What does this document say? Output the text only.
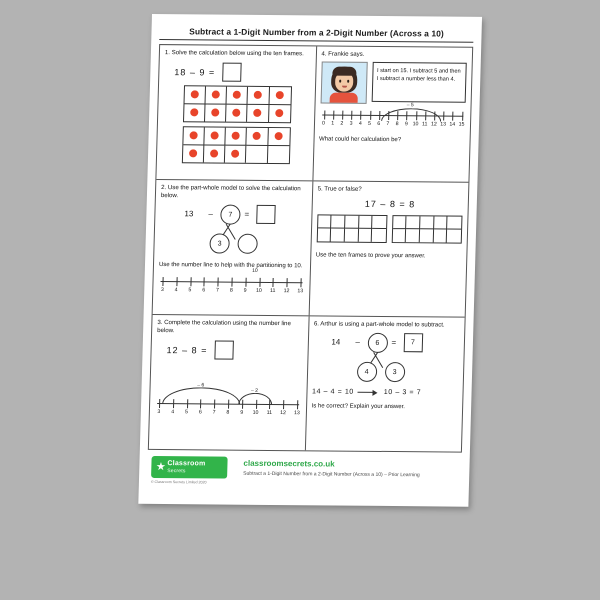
Subtract a 1-Digit Number from a 2-Digit Number (Across a 10)

1. Solve the calculation below using the ten frames.

18 – 9 =

4. Frankie says.

I start on 15. I subtract 5 and then I subtract a number less than 4.
– 5
0 1 2 3 4 5 6 7 8 9 10 11 12 13 14 15

What could her calculation be?

2. Use the part-whole model to solve the calculation below.

13 –	7	=
3

Use the number line to help with the partitioning to 10.

10
3 4 5 6 7 8 9 10 11 12 13

5. True or false?

17 – 8 = 8

Use the ten frames to prove your answer.

3. Complete the calculation using the number line below.

12 – 8 =
– 6
– 2
3 4 5 6 7 8 9 10 11 12 13

6. Arthur is using a part-whole model to subtract.

14 –	6	=	7
4	3
14 – 4 = 10	10 – 3 = 7

Is he correct? Explain your answer.

Classroom
Secrets
© Classroom Secrets Limited 2020
classroomsecrets.co.uk
Subtract a 1-Digit Number from a 2-Digit Number (Across a 10) – Prior Learning
